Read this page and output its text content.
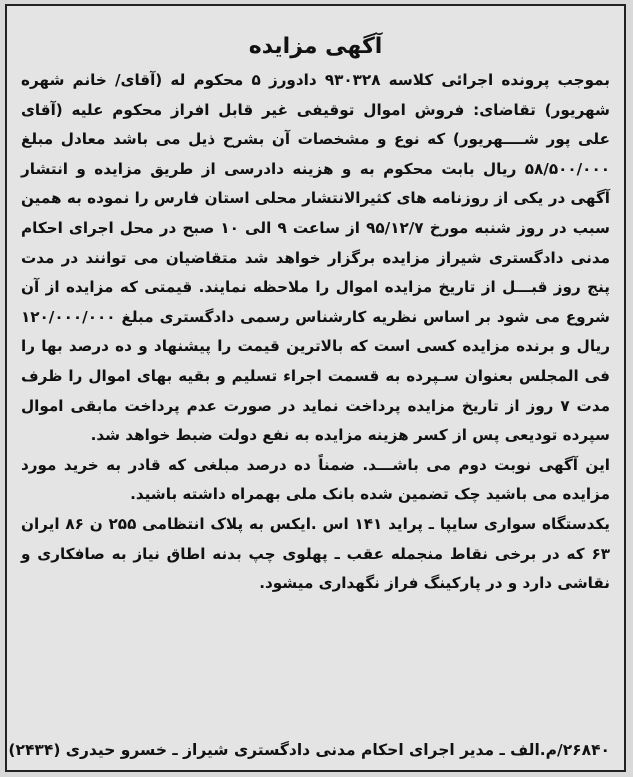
آگهی مزایده

بموجب پرونده اجرائی کلاسه ۹۳۰۳۲۸ دادورز ۵ محکوم له (آقای/ خانم شهره شهریور) تقاضای: فروش اموال توقیفی غیر قابل افراز محکوم علیه (آقای علی پور شــــهریور) که نوع و مشخصات آن بشرح ذیل می باشد معادل مبلغ ۵۸/۵۰۰/۰۰۰ ریال بابت محکوم به و هزینه دادرسی از طریق مزایده و انتشار آگهی در یکی از روزنامه های کثیرالانتشار محلی استان فارس را نموده به همین سبب در روز شنبه مورخ ۹۵/۱۲/۷ از ساعت ۹ الی ۱۰ صبح در محل اجرای احکام مدنی دادگستری شیراز مزایده برگزار خواهد شد متقاضیان می توانند در مدت پنج روز قبـــل از تاریخ مزایده اموال را ملاحظه نمایند. قیمتی که مزایده از آن شروع می شود بر اساس نظریه کارشناس رسمی دادگستری مبلغ ۱۲۰/۰۰۰/۰۰۰ ریال و برنده مزایده کسی است که بالاترین قیمت را پیشنهاد و ده درصد بها را فی المجلس بعنوان سـپرده به قسمت اجراء تسلیم و بقیه بهای اموال را ظرف مدت ۷ روز از تاریخ مزایده پرداخت نماید در صورت عدم پرداخت مابقی اموال سپرده تودیعی پس از کسر هزینه مزایده به نفع دولت ضبط خواهد شد.

این آگهی نوبت دوم می باشـــد. ضمناً ده درصد مبلغی که قادر به خرید مورد مزایده می باشید چک تضمین شده بانک ملی بهمراه داشته باشید.

یکدستگاه سواری سایپا ـ پراید ۱۴۱ اس .ایکس به پلاک انتظامی ۲۵۵ ن ۸۶ ایران ۶۳ که در برخی نقاط منجمله عقب ـ پهلوی چپ بدنه اطاق نیاز به صافکاری و نقاشی دارد و در پارکینگ فراز نگهداری میشود.

۲۶۸۴۰/م.الف ـ مدیر اجرای احکام مدنی دادگستری شیراز ـ خسرو حیدری (۲۴۳۴)
